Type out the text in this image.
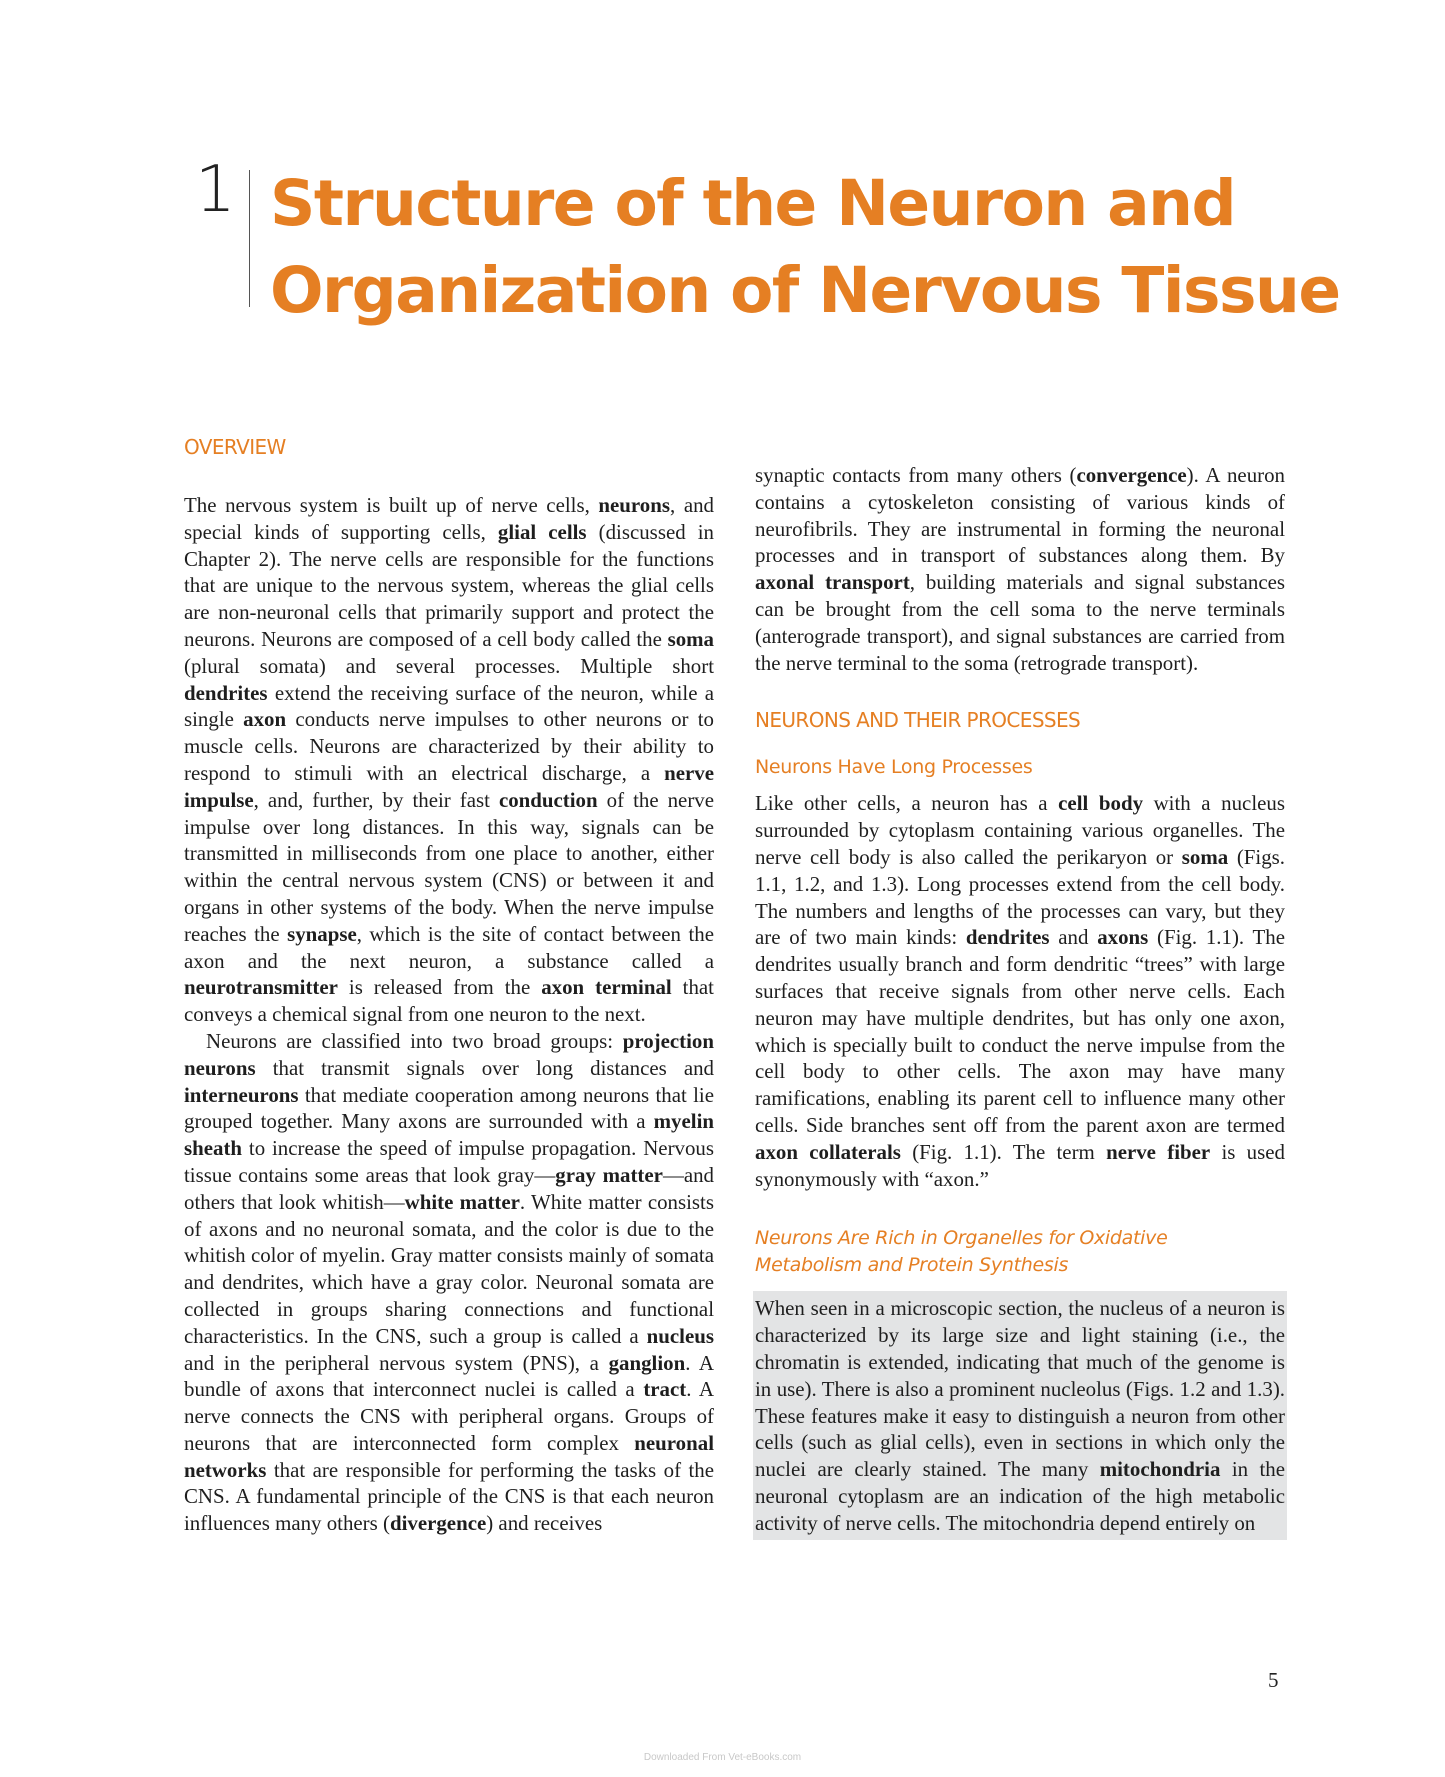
1 Structure of the Neuron and
Organization of Nervous Tissue
OVERVIEW

The nervous system is built up of nerve cells, neurons, and special kinds of supporting cells, glial cells (discussed in Chapter 2). The nerve cells are responsible for the functions that are unique to the nervous system, whereas the glial cells are non-neuronal cells that primarily support and protect the neurons. Neurons are composed of a cell body called the soma (plural somata) and several processes. Multiple short dendrites extend the receiving surface of the neuron, while a single axon conducts nerve impulses to other neurons or to muscle cells. Neurons are characterized by their ability to respond to stimuli with an electrical discharge, a nerve impulse, and, further, by their fast conduction of the nerve impulse over long distances. In this way, signals can be transmitted in milliseconds from one place to another, either within the central nervous system (CNS) or between it and organs in other systems of the body. When the nerve impulse reaches the synapse, which is the site of contact between the axon and the next neuron, a substance called a neurotransmitter is released from the axon terminal that conveys a chemical signal from one neuron to the next.

Neurons are classified into two broad groups: projection neurons that transmit signals over long distances and interneurons that mediate cooperation among neurons that lie grouped together. Many axons are surrounded with a myelin sheath to increase the speed of impulse propagation. Nervous tissue contains some areas that look gray—gray matter—and others that look whitish—white matter. White matter consists of axons and no neuronal somata, and the color is due to the whitish color of myelin. Gray matter consists mainly of somata and dendrites, which have a gray color. Neuronal somata are collected in groups sharing connections and functional characteristics. In the CNS, such a group is called a nucleus and in the peripheral nervous system (PNS), a ganglion. A bundle of axons that interconnect nuclei is called a tract. A nerve connects the CNS with peripheral organs. Groups of neurons that are interconnected form complex neuronal networks that are responsible for performing the tasks of the CNS. A fundamental principle of the CNS is that each neuron influences many others (divergence) and receives

synaptic contacts from many others (convergence). A neuron contains a cytoskeleton consisting of various kinds of neurofibrils. They are instrumental in forming the neuronal processes and in transport of substances along them. By axonal transport, building materials and signal substances can be brought from the cell soma to the nerve terminals (anterograde transport), and signal substances are carried from the nerve terminal to the soma (retrograde transport).

NEURONS AND THEIR PROCESSES
Neurons Have Long Processes

Like other cells, a neuron has a cell body with a nucleus surrounded by cytoplasm containing various organelles. The nerve cell body is also called the perikaryon or soma (Figs. 1.1, 1.2, and 1.3). Long processes extend from the cell body. The numbers and lengths of the processes can vary, but they are of two main kinds: dendrites and axons (Fig. 1.1). The dendrites usually branch and form dendritic “trees” with large surfaces that receive signals from other nerve cells. Each neuron may have multiple dendrites, but has only one axon, which is specially built to conduct the nerve impulse from the cell body to other cells. The axon may have many ramifications, enabling its parent cell to influence many other cells. Side branches sent off from the parent axon are termed axon collaterals (Fig. 1.1). The term nerve fiber is used synonymously with “axon.”

Neurons Are Rich in Organelles for Oxidative
Metabolism and Protein Synthesis

When seen in a microscopic section, the nucleus of a neuron is characterized by its large size and light staining (i.e., the chromatin is extended, indicating that much of the genome is in use). There is also a prominent nucleolus (Figs. 1.2 and 1.3). These features make it easy to distinguish a neuron from other cells (such as glial cells), even in sections in which only the nuclei are clearly stained. The many mitochondria in the neuronal cytoplasm are an indication of the high metabolic activity of nerve cells. The mitochondria depend entirely on

5
Downloaded From Vet-eBooks.com
